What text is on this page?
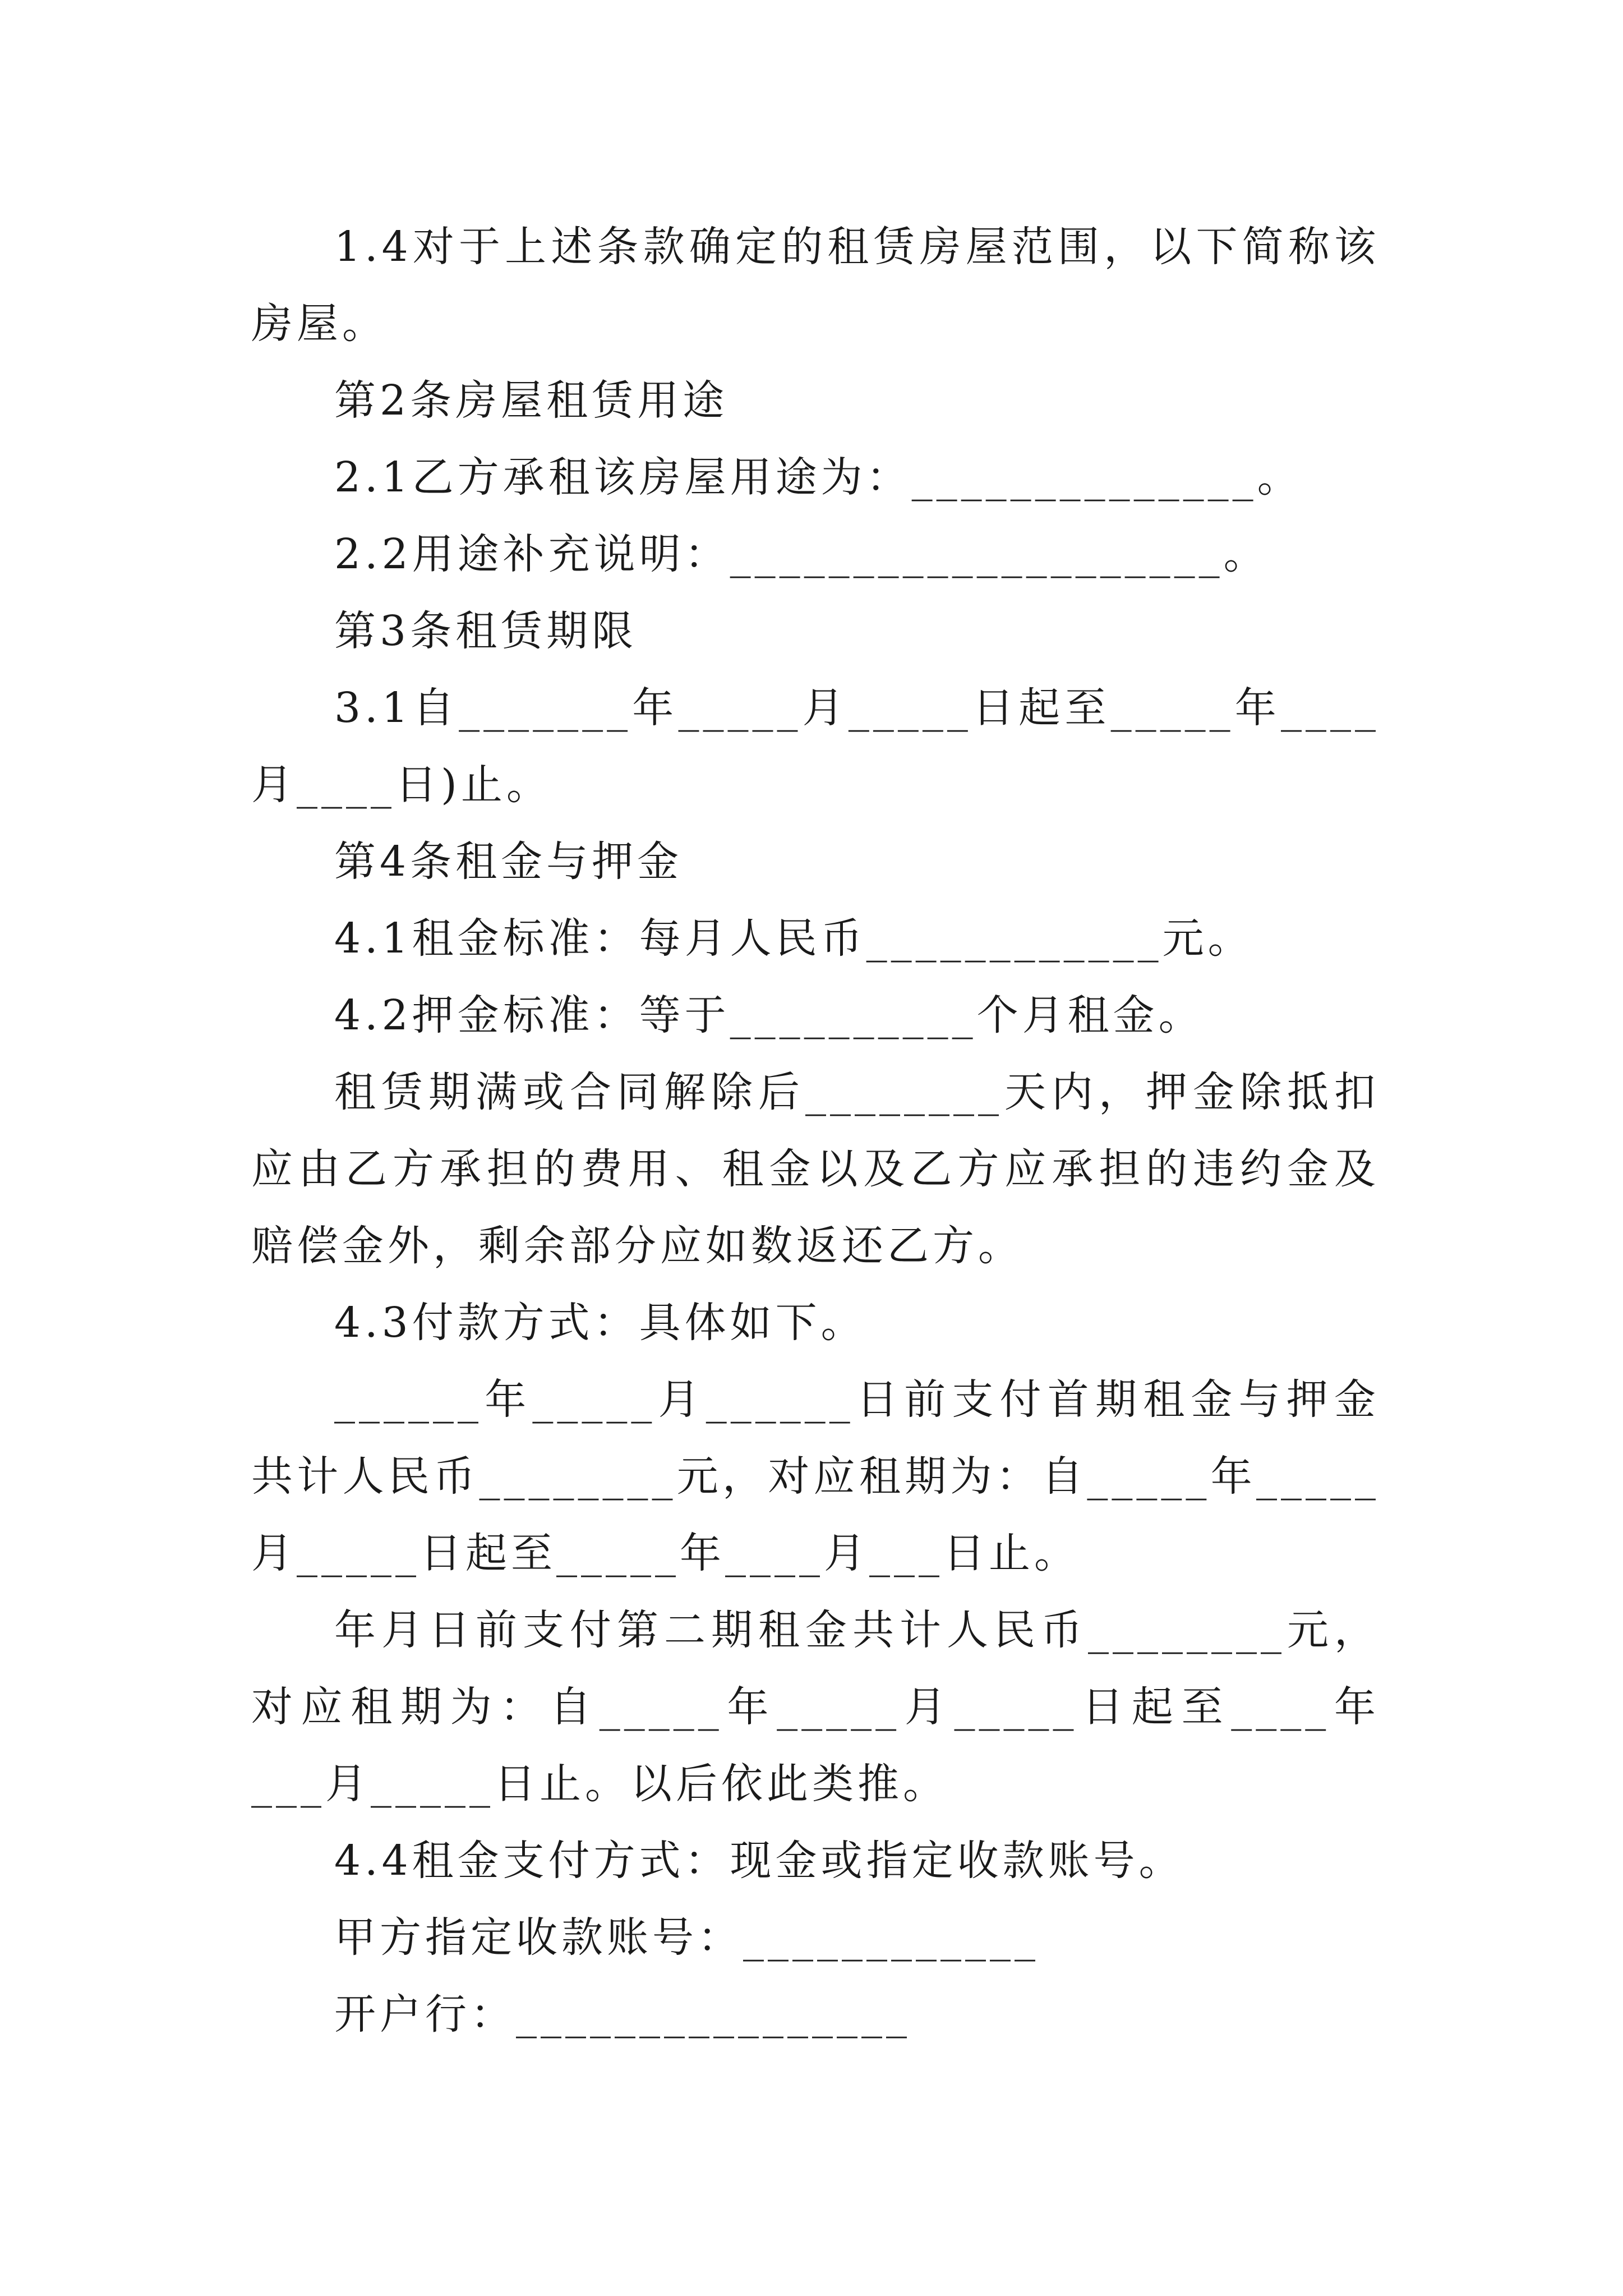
1.4对于上述条款确定的租赁房屋范围，以下简称该房屋。

第2条房屋租赁用途

2.1乙方承租该房屋用途为：______________。

2.2用途补充说明：____________________。

第3条租赁期限

3.1自_______年_____月_____日起至_____年____月____日)止。

第4条租金与押金

4.1租金标准：每月人民币____________元。

4.2押金标准：等于__________个月租金。

租赁期满或合同解除后________天内，押金除抵扣应由乙方承担的费用、租金以及乙方应承担的违约金及赔偿金外，剩余部分应如数返还乙方。

4.3付款方式：具体如下。

______年_____月______日前支付首期租金与押金共计人民币________元，对应租期为：自_____年_____月_____日起至_____年____月___日止。

年月日前支付第二期租金共计人民币________元，对应租期为：自_____年_____月_____日起至____年___月_____日止。以后依此类推。

4.4租金支付方式：现金或指定收款账号。

甲方指定收款账号：____________

开户行：________________
